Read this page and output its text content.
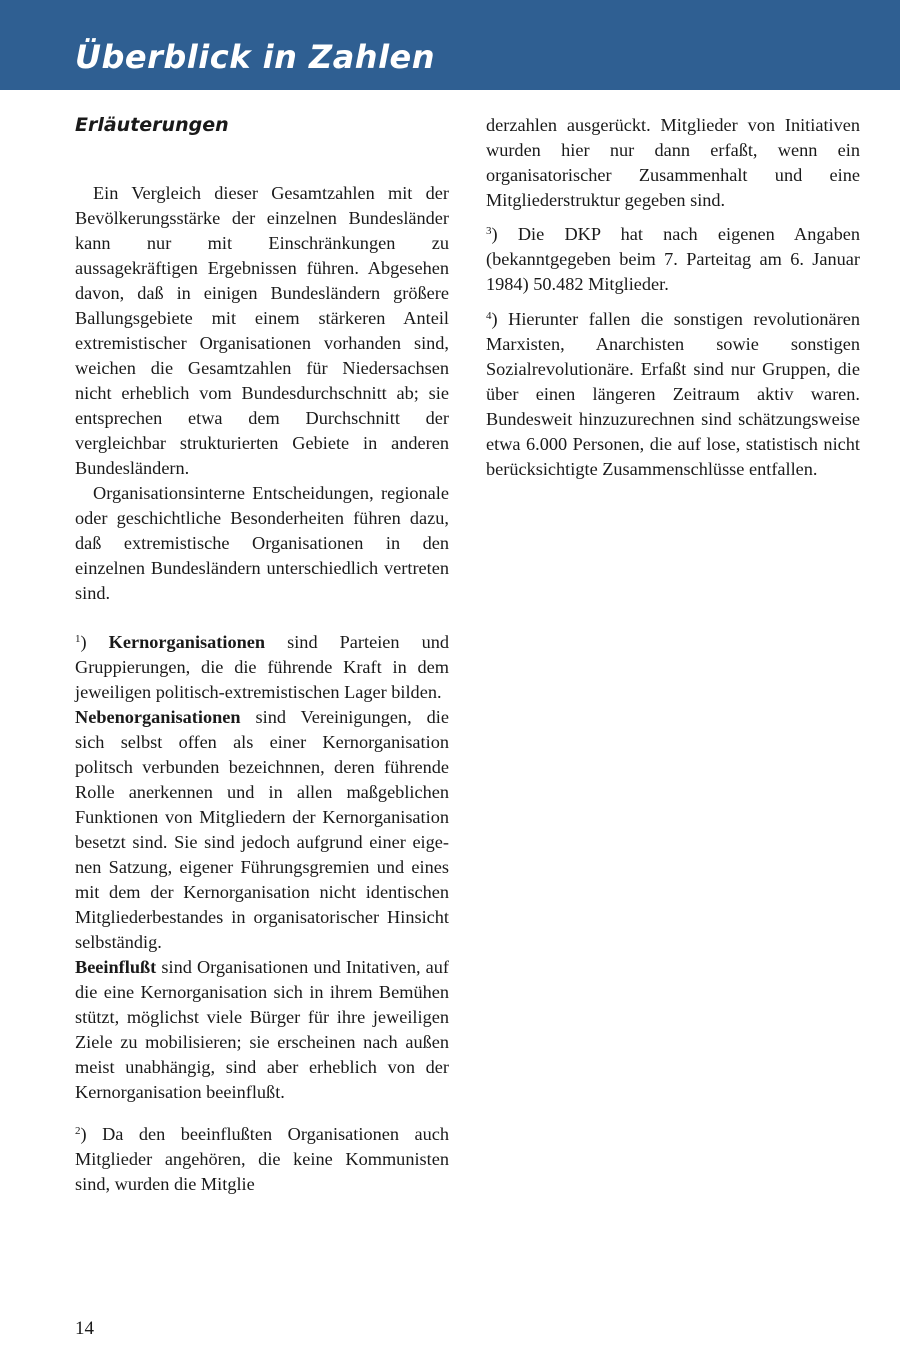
Überblick in Zahlen
Erläuterungen

Ein Vergleich dieser Gesamtzahlen mit der Bevölkerungsstärke der einzelnen Bundesländer kann nur mit Einschränkungen zu aussagekräftigen Ergebnissen führen. Abgesehen davon, daß in einigen Bundesländern größere Ballungsgebiete mit einem stärkeren Anteil extremistischer Organisationen vorhanden sind, weichen die Gesamtzahlen für Niedersachsen nicht erheblich vom Bundesdurchschnitt ab; sie entsprechen etwa dem Durchschnitt der vergleichbar strukturierten Gebiete in anderen Bundesländern.

Organisationsinterne Entscheidungen, regionale oder geschichtliche Besonderheiten führen dazu, daß extremistische Organisationen in den einzelnen Bundesländern unterschiedlich vertreten sind.

$^1$) Kernorganisationen sind Parteien und Gruppierungen, die die führende Kraft in dem jeweiligen politisch-extremistischen Lager bilden.

Nebenorganisationen sind Vereinigungen, die sich selbst offen als einer Kernorganisation politsch verbunden bezeichnnen, deren führende Rolle anerkennen und in allen maßgeblichen Funktionen von Mitgliedern der Kernorganisation besetzt sind. Sie sind jedoch aufgrund einer eigenen Satzung, eigener Führungsgremien und eines mit dem der Kernorganisation nicht identischen Mitgliederbestandes in organisatorischer Hinsicht selbständig.

Beeinflußt sind Organisationen und Initativen, auf die eine Kernorganisation sich in ihrem Bemühen stützt, möglichst viele Bürger für ihre jeweiligen Ziele zu mobilisieren; sie erscheinen nach außen meist unabhängig, sind aber erheblich von der Kernorganisation beeinflußt.

$^2$) Da den beeinflußten Organisationen auch Mitglieder angehören, die keine Kommunisten sind, wurden die Mitglie

derzahlen ausgerückt. Mitglieder von Initiativen wurden hier nur dann erfaßt, wenn ein organisatorischer Zusammenhalt und eine Mitgliederstruktur gegeben sind.

$^3$) Die DKP hat nach eigenen Angaben (bekanntgegeben beim 7. Parteitag am 6. Januar 1984) 50.482 Mitglieder.

$^4$) Hierunter fallen die sonstigen revolutionären Marxisten, Anarchisten sowie sonstigen Sozialrevolutionäre. Erfaßt sind nur Gruppen, die über einen längeren Zeitraum aktiv waren. Bundesweit hinzuzurechnen sind schätzungsweise etwa 6.000 Personen, die auf lose, statistisch nicht berücksichtigte Zusammenschlüsse entfallen.

14
